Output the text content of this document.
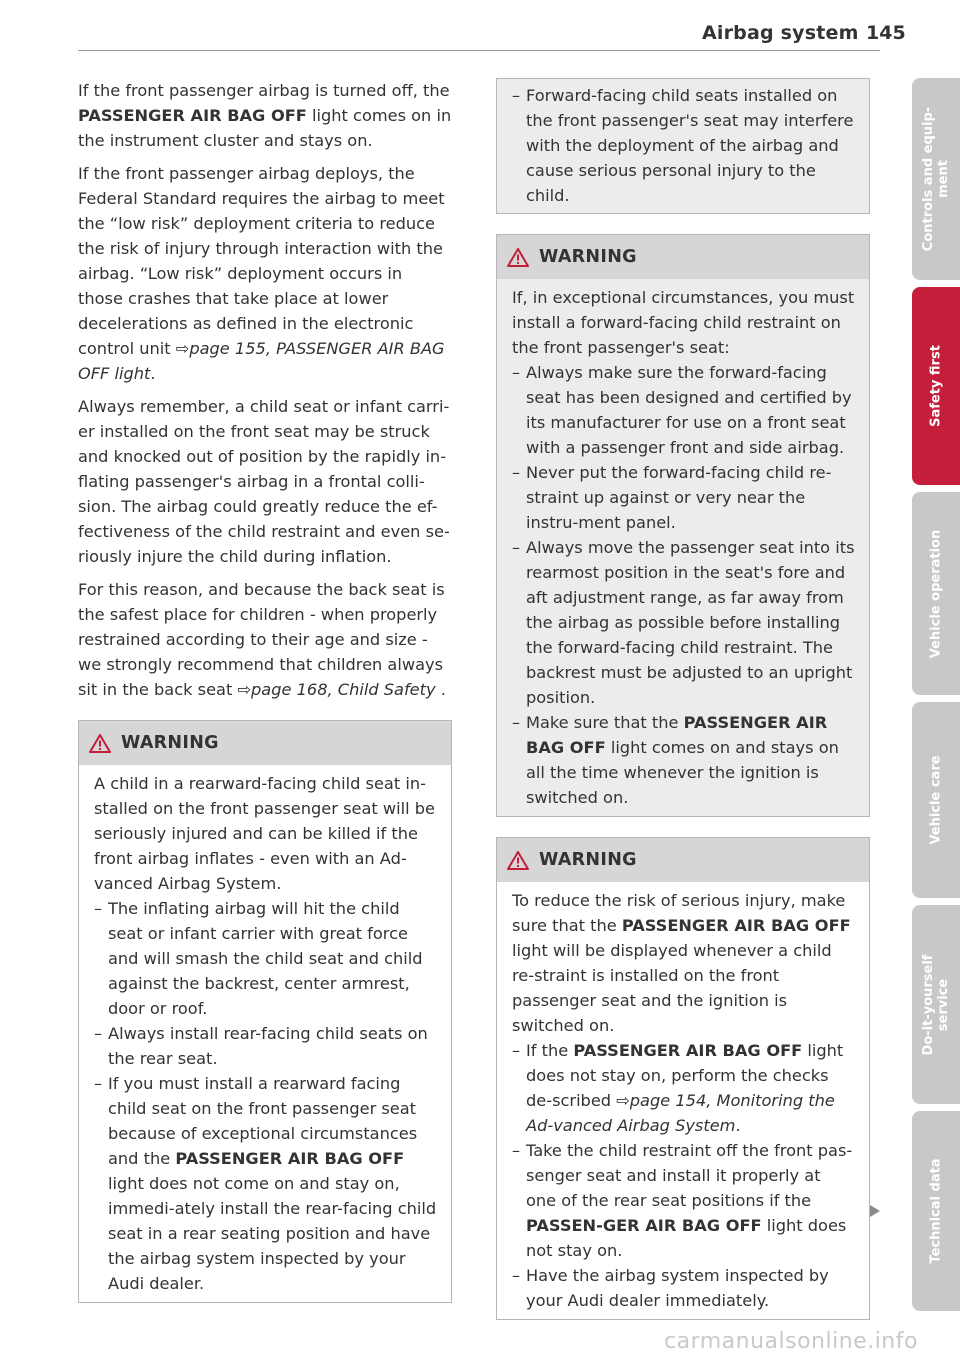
Airbag system 145

If the front passenger airbag is turned off, the PASSENGER AIR BAG OFF light comes on in the instrument cluster and stays on.

If the front passenger airbag deploys, the Federal Standard requires the airbag to meet the “low risk” deployment criteria to reduce the risk of injury through interaction with the airbag. “Low risk” deployment occurs in those crashes that take place at lower decelerations as defined in the electronic control unit ⇨page 155, PASSENGER AIR BAG OFF light.

Always remember, a child seat or infant carri-er installed on the front seat may be struck and knocked out of position by the rapidly in-flating passenger's airbag in a frontal colli-sion. The airbag could greatly reduce the ef-fectiveness of the child restraint and even se-riously injure the child during inflation.

For this reason, and because the back seat is the safest place for children - when properly restrained according to their age and size - we strongly recommend that children always sit in the back seat ⇨page 168, Child Safety .

WARNING

A child in a rearward-facing child seat in-stalled on the front passenger seat will be seriously injured and can be killed if the front airbag inflates - even with an Ad-vanced Airbag System.

– The inflating airbag will hit the child seat or infant carrier with great force and will smash the child seat and child against the backrest, center armrest, door or roof.
– Always install rear-facing child seats on the rear seat.
– If you must install a rearward facing child seat on the front passenger seat because of exceptional circumstances and the PASSENGER AIR BAG OFF light does not come on and stay on, immedi-ately install the rear-facing child seat in a rear seating position and have the airbag system inspected by your Audi dealer.
– Forward-facing child seats installed on the front passenger's seat may interfere with the deployment of the airbag and cause serious personal injury to the child.
WARNING

If, in exceptional circumstances, you must install a forward-facing child restraint on the front passenger's seat:

– Always make sure the forward-facing seat has been designed and certified by its manufacturer for use on a front seat with a passenger front and side airbag.
– Never put the forward-facing child re-straint up against or very near the instru-ment panel.
– Always move the passenger seat into its rearmost position in the seat's fore and aft adjustment range, as far away from the airbag as possible before installing the forward-facing child restraint. The backrest must be adjusted to an upright position.
– Make sure that the PASSENGER AIR BAG OFF light comes on and stays on all the time whenever the ignition is switched on.
WARNING

To reduce the risk of serious injury, make sure that the PASSENGER AIR BAG OFF light will be displayed whenever a child re-straint is installed on the front passenger seat and the ignition is switched on.

– If the PASSENGER AIR BAG OFF light does not stay on, perform the checks de-scribed ⇨page 154, Monitoring the Ad-vanced Airbag System.
– Take the child restraint off the front pas-senger seat and install it properly at one of the rear seat positions if the PASSEN-GER AIR BAG OFF light does not stay on.
– Have the airbag system inspected by your Audi dealer immediately.
Controls and equip-
ment
Safety first
Vehicle operation
Vehicle care
Do-it-yourself
service
Technical data
carmanualsonline.info
